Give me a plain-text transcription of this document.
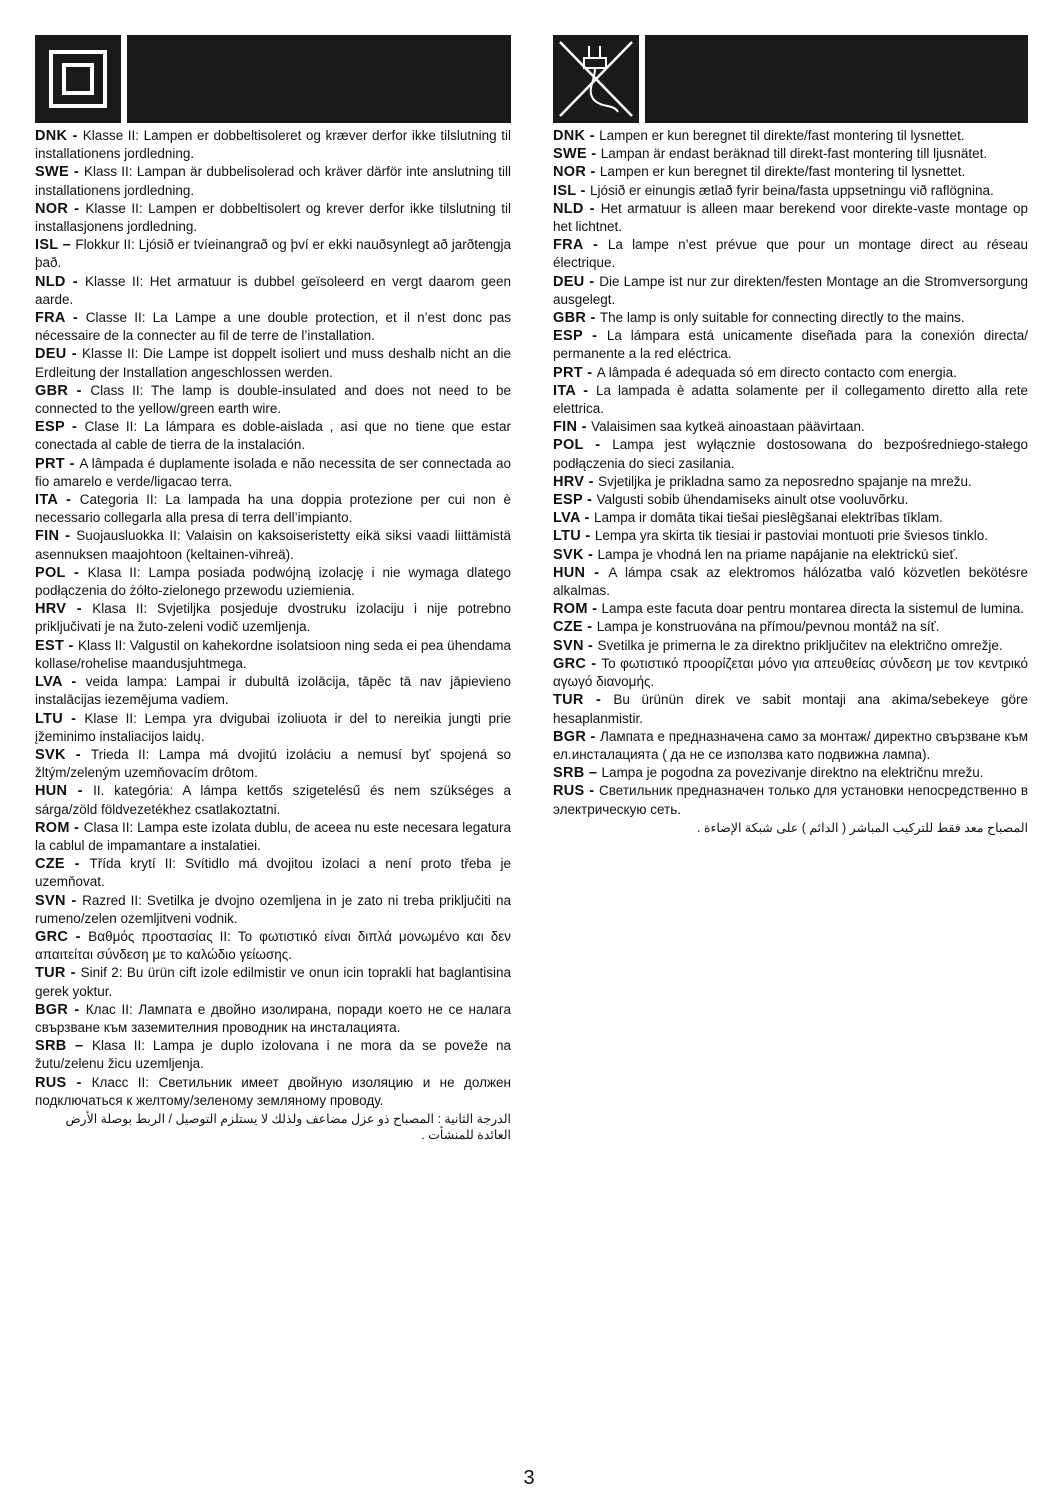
DNK - Klasse II: Lampen er dobbeltisoleret og kræver derfor ikke tilslutning til installationens jordledning.

SWE - Klass II: Lampan är dubbelisolerad och kräver därför inte anslutning till installationens jordledning.

NOR - Klasse II: Lampen er dobbeltisolert og krever derfor ikke tilslutning til installasjonens jordledning.

ISL – Flokkur II: Ljósið er tvíeinangrað og því er ekki nauðsynlegt að jarðtengja það.

NLD - Klasse II: Het armatuur is dubbel geïsoleerd en vergt daarom geen aarde.

FRA - Classe II: La Lampe a une double protection, et il n’est donc pas nécessaire de la connecter au fil de terre de l’installation.

DEU - Klasse II: Die Lampe ist doppelt isoliert und muss deshalb nicht an die Erdleitung der Installation angeschlossen werden.

GBR - Class II: The lamp is double-insulated and does not need to be connected to the yellow/green earth wire.

ESP - Clase II: La lámpara es doble-aislada , asi que no tiene que estar conectada al cable de tierra de la instalación.

PRT - A lâmpada é duplamente isolada e não necessita de ser connectada ao fio amarelo e verde/ligacao terra.

ITA - Categoria II: La lampada ha una doppia protezione per cui non è necessario collegarla alla presa di terra dell’impianto.

FIN - Suojausluokka II: Valaisin on kaksoiseristetty eikä siksi vaadi liittämistä asennuksen maajohtoon (keltainen-vihreä).

POL - Klasa II: Lampa posiada podwójną izolację i nie wymaga dlatego podłączenia do żółto-zielonego przewodu uziemienia.

HRV - Klasa II: Svjetiljka posjeduje dvostruku izolaciju i nije potrebno priključivati je na žuto-zeleni vodič uzemljenja.

EST - Klass II: Valgustil on kahekordne isolatsioon ning seda ei pea ühendama kollase/rohelise maandusjuhtmega.

LVA - veida lampa: Lampai ir dubultā izolācija, tāpēc tā nav jāpievieno instalācijas iezemējuma vadiem.

LTU - Klase II: Lempa yra dvigubai izoliuota ir del to nereikia jungti prie įžeminimo instaliacijos laidų.

SVK - Trieda II: Lampa má dvojitú izoláciu a nemusí byť spojená so žltým/zeleným uzemňovacím drôtom.

HUN - II. kategória: A lámpa kettős szigetelésű és nem szükséges a sárga/zöld földvezetékhez csatlakoztatni.

ROM - Clasa II: Lampa este izolata dublu, de aceea nu este necesara legatura la cablul de impamantare a instalatiei.

CZE - Třída krytí II: Svítidlo má dvojitou izolaci a není proto třeba je uzemňovat.

SVN - Razred II: Svetilka je dvojno ozemljena in je zato ni treba priključiti na rumeno/zelen ozemljitveni vodnik.

GRC - Βαθμός προστασίας II: Το φωτιστικό είναι διπλά μονωμένο και δεν απαιτείται σύνδεση με το καλώδιο γείωσης.

TUR - Sinif 2: Bu ürün cift izole edilmistir ve onun icin toprakli hat baglantisina gerek yoktur.

BGR - Клас II: Лампата е двойно изолирана, поради което не се налага свързване към заземителния проводник на инсталацията.

SRB – Klasa II: Lampa je duplo izolovana i ne mora da se poveže na žutu/zelenu žicu uzemljenja.

RUS - Класс II: Светильник имеет двойную изоляцию и не должен подключаться к желтому/зеленому земляному проводу.

الدرجة الثانية : المصباح ذو عزل مضاعف ولذلك لا يستلزم التوصيل / الربط بوصلة الأرض العائدة للمنشأت .

DNK - Lampen er kun beregnet til direkte/fast montering til lysnettet.

SWE - Lampan är endast beräknad till direkt-fast montering till ljusnätet.

NOR - Lampen er kun beregnet til direkte/fast montering til lysnettet.

ISL - Ljósið er einungis ætlað fyrir beina/fasta uppsetningu við raflögnina.

NLD - Het armatuur is alleen maar berekend voor direkte-vaste montage op het lichtnet.

FRA - La lampe n’est prévue que pour un montage direct au réseau électrique.

DEU - Die Lampe ist nur zur direkten/festen Montage an die Stromversorgung ausgelegt.

GBR - The lamp is only suitable for connecting directly to the mains.

ESP - La lámpara está unicamente diseñada para la conexión directa/ permanente a la red eléctrica.

PRT - A lâmpada é adequada só em directo contacto com energia.

ITA - La lampada è adatta solamente per il collegamento diretto alla rete elettrica.

FIN - Valaisimen saa kytkeä ainoastaan päävirtaan.

POL - Lampa jest wyłącznie dostosowana do bezpośredniego-stałego podłączenia do sieci zasilania.

HRV - Svjetiljka je prikladna samo za neposredno spajanje na mrežu.

ESP - Valgusti sobib ühendamiseks ainult otse vooluvõrku.

LVA - Lampa ir domāta tikai tiešai pieslēgšanai elektrības tīklam.

LTU - Lempa yra skirta tik tiesiai ir pastoviai montuoti prie šviesos tinklo.

SVK - Lampa je vhodná len na priame napájanie na elektrickú sieť.

HUN - A lámpa csak az elektromos hálózatba való közvetlen bekötésre alkalmas.

ROM - Lampa este facuta doar pentru montarea directa la sistemul de lumina.

CZE - Lampa je konstruována na přímou/pevnou montáž na síť.

SVN - Svetilka je primerna le za direktno priključitev na električno omrežje.

GRC - Το φωτιστικό προορίζεται μόνο για απευθείας σύνδεση με τον κεντρικό αγωγό διανομής.

TUR - Bu ürünün direk ve sabit montaji ana akima/sebekeye göre hesaplanmistir.

BGR - Лампата е предназначена само за монтаж/ директно свързване към ел.инсталацията ( да не се използва като подвижна лампа).

SRB – Lampa je pogodna za povezivanje direktno na električnu mrežu.

RUS - Светильник предназначен только для установки непосредственно в электрическую сеть.

المصباح معد فقط للتركيب المباشر ( الدائم ) على شبكة الإضاءة .

3
